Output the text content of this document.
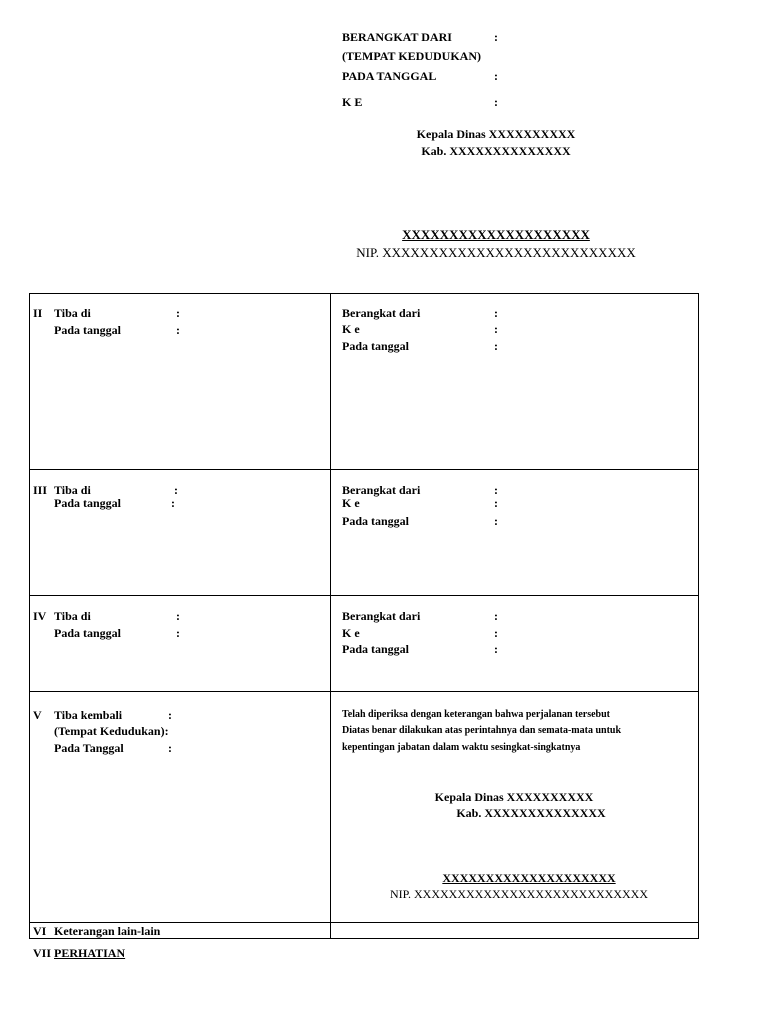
BERANGKAT DARI	:
(TEMPAT KEDUDUKAN)
PADA TANGGAL	:
K E	:
Kepala Dinas XXXXXXXXXX
Kab. XXXXXXXXXXXXXX
XXXXXXXXXXXXXXXXXXXX
NIP. XXXXXXXXXXXXXXXXXXXXXXXXXXX
II Tiba di	:
Pada tanggal	:
Berangkat dari	:
K e	:
Pada tanggal	:
III Tiba di	:
Pada tanggal	:
Berangkat dari	:
K e	:
Pada tanggal	:
IV Tiba di	:
Pada tanggal	:
Berangkat dari	:
K e	:
Pada tanggal	:
V Tiba kembali	:
(Tempat Kedudukan):
Pada Tanggal	:
Telah diperiksa dengan keterangan bahwa perjalanan tersebut
Diatas benar dilakukan atas perintahnya dan semata-mata untuk
kepentingan jabatan dalam waktu sesingkat-singkatnya
Kepala Dinas XXXXXXXXXX
Kab. XXXXXXXXXXXXXX
XXXXXXXXXXXXXXXXXXXX
NIP. XXXXXXXXXXXXXXXXXXXXXXXXXXX
VI Keterangan lain-lain
VII PERHATIAN
